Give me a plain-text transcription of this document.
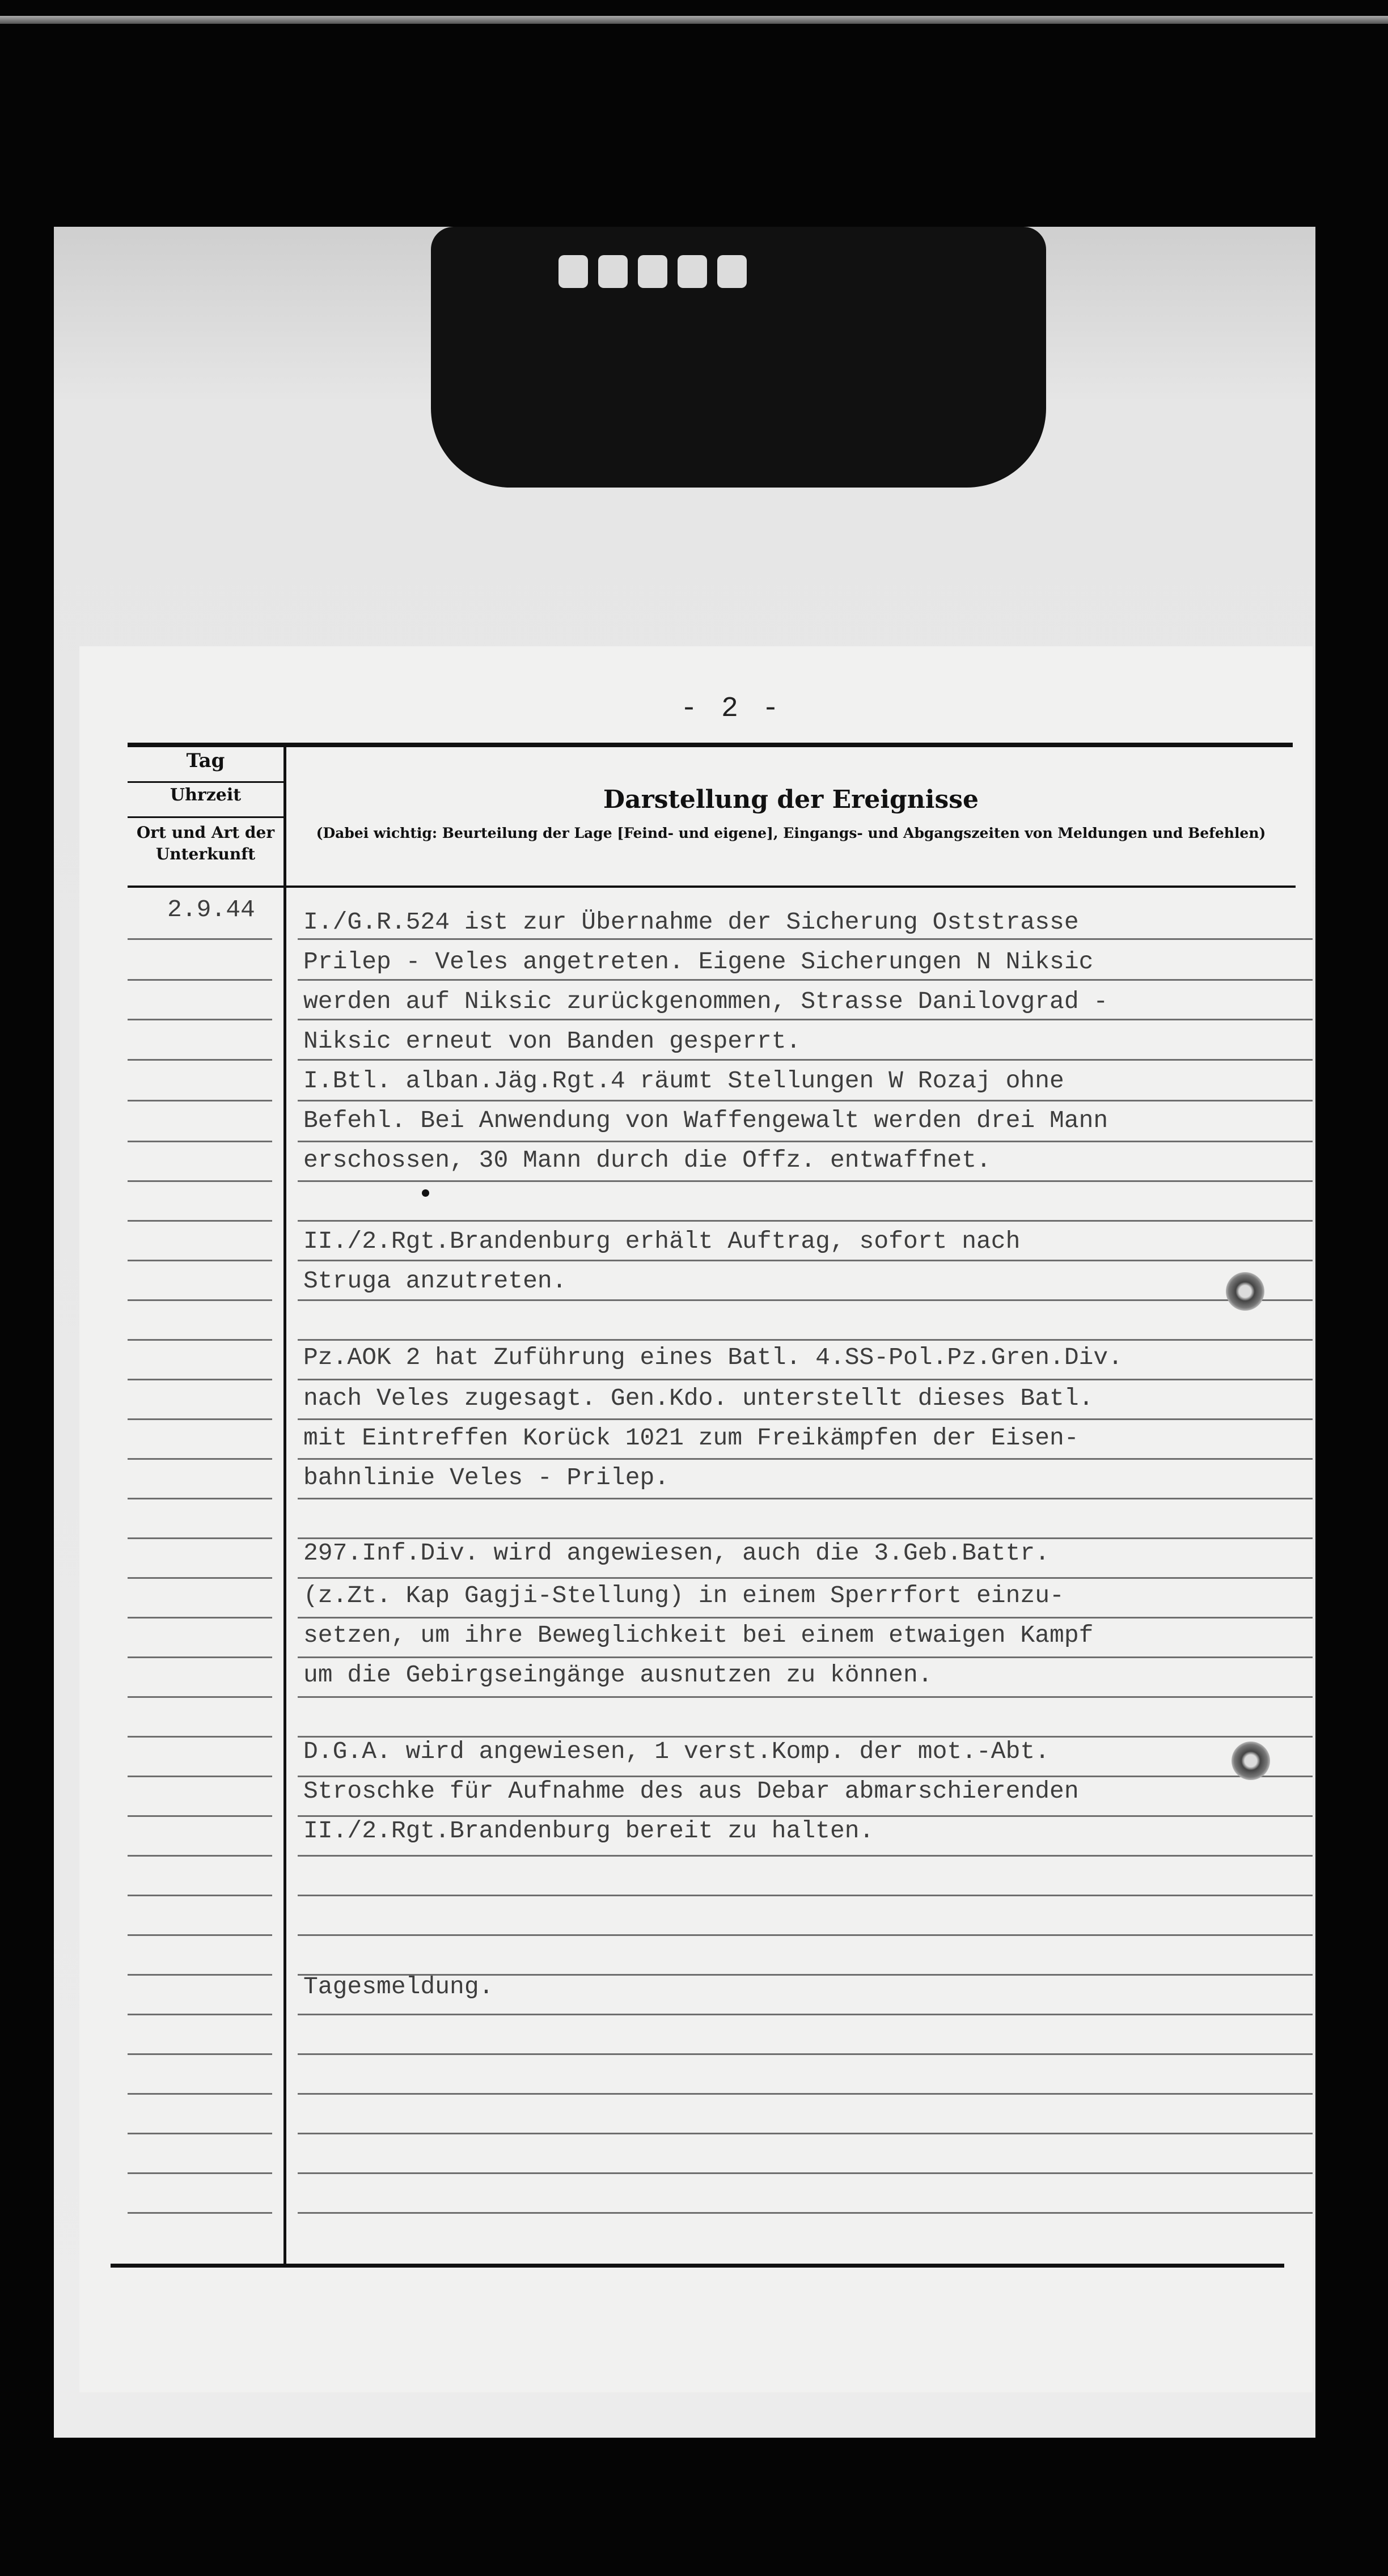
- 2 -
Tag
Uhrzeit
Ort und Art der Unterkunft
Darstellung der Ereignisse
(Dabei wichtig: Beurteilung der Lage [Feind- und eigene], Eingangs- und Abgangszeiten von Meldungen und Befehlen)
2.9.44 I./G.R.524 ist zur Übernahme der Sicherung Oststrasse
Prilep - Veles angetreten. Eigene Sicherungen N Niksic
werden auf Niksic zurückgenommen, Strasse Danilovgrad -
Niksic erneut von Banden gesperrt.
I.Btl. alban.Jäg.Rgt.4 räumt Stellungen W Rozaj ohne
Befehl. Bei Anwendung von Waffengewalt werden drei Mann
erschossen, 30 Mann durch die Offz. entwaffnet.
II./2.Rgt.Brandenburg erhält Auftrag, sofort nach
Struga anzutreten.
Pz.AOK 2 hat Zuführung eines Batl. 4.SS-Pol.Pz.Gren.Div.
nach Veles zugesagt. Gen.Kdo. unterstellt dieses Batl.
mit Eintreffen Korück 1021 zum Freikämpfen der Eisen-
bahnlinie Veles - Prilep.
297.Inf.Div. wird angewiesen, auch die 3.Geb.Battr.
(z.Zt. Kap Gagji-Stellung) in einem Sperrfort einzu-
setzen, um ihre Beweglichkeit bei einem etwaigen Kampf
um die Gebirgseingänge ausnutzen zu können.
D.G.A. wird angewiesen, 1 verst.Komp. der mot.-Abt.
Stroschke für Aufnahme des aus Debar abmarschierenden
II./2.Rgt.Brandenburg bereit zu halten.
Tagesmeldung.
